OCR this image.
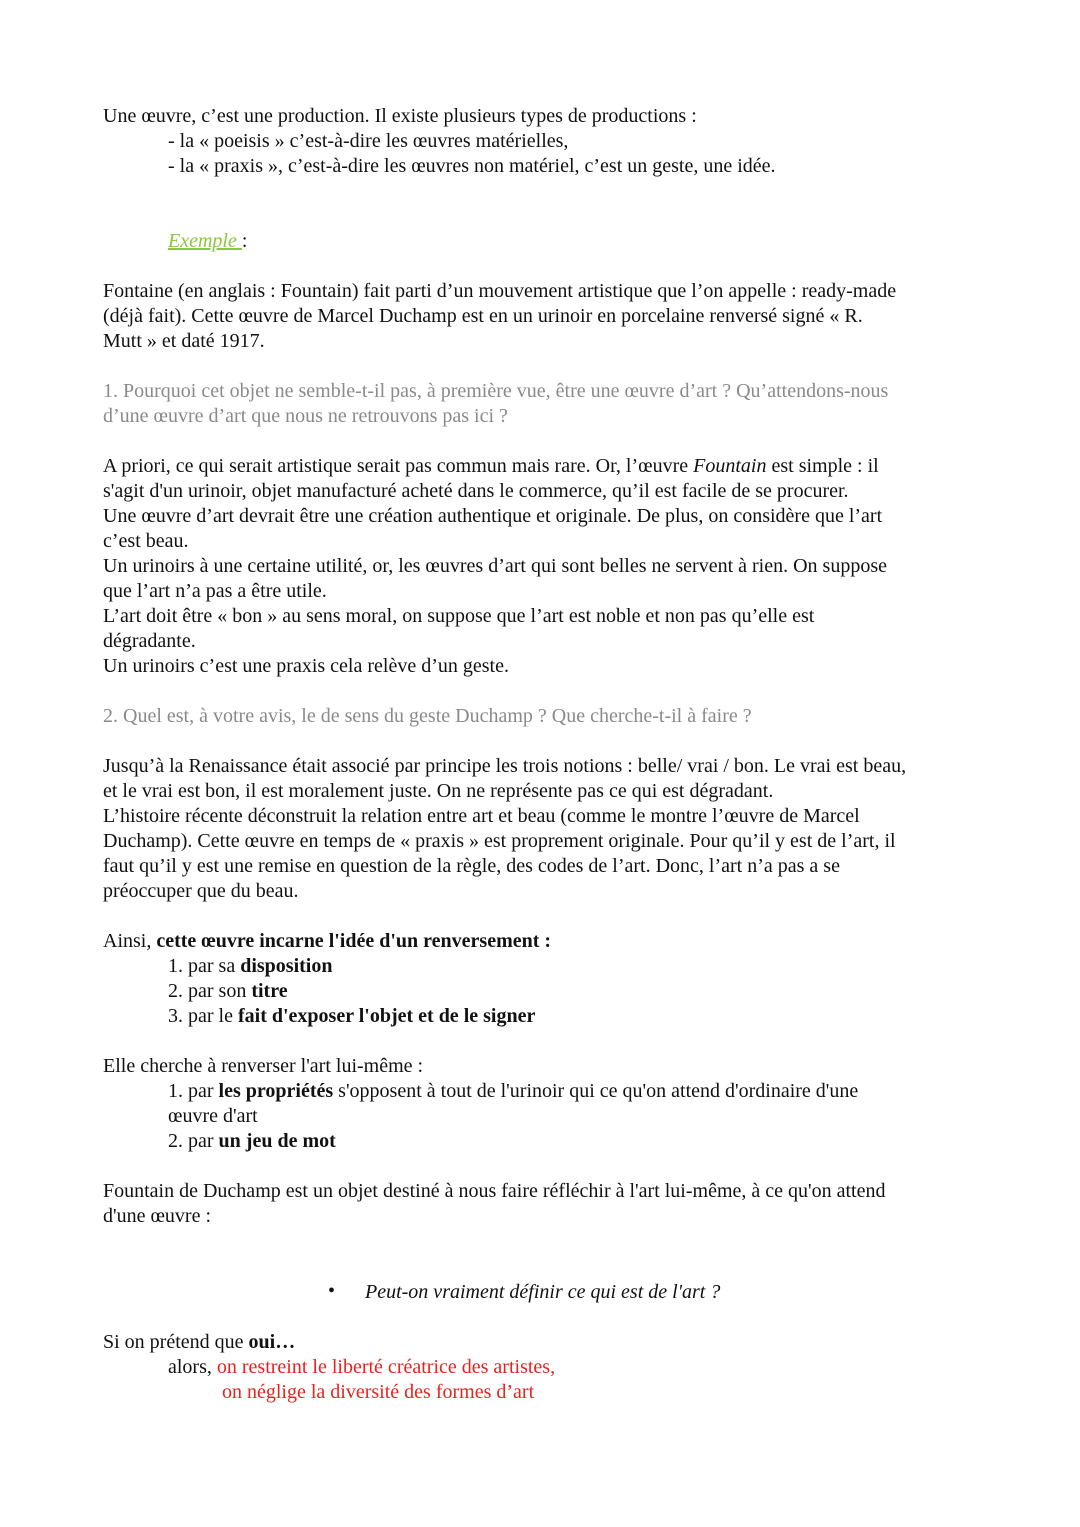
Une œuvre, c’est une production. Il existe plusieurs types de productions :
- la « poeisis » c’est-à-dire les œuvres matérielles,
- la « praxis », c’est-à-dire les œuvres non matériel, c’est un geste, une idée.
Exemple :
Fontaine (en anglais : Fountain) fait parti d’un mouvement artistique que l’on appelle : ready-made
(déjà fait). Cette œuvre de Marcel Duchamp est en un urinoir en porcelaine renversé signé « R.
Mutt » et daté 1917.
1. Pourquoi cet objet ne semble-t-il pas, à première vue, être une œuvre d’art ? Qu’attendons-nous
d’une œuvre d’art que nous ne retrouvons pas ici ?
A priori, ce qui serait artistique serait pas commun mais rare. Or, l’œuvre Fountain est simple : il
s'agit d'un urinoir, objet manufacturé acheté dans le commerce, qu’il est facile de se procurer.
Une œuvre d’art devrait être une création authentique et originale. De plus, on considère que l’art
c’est beau.
Un urinoirs à une certaine utilité, or, les œuvres d’art qui sont belles ne servent à rien. On suppose
que l’art n’a pas a être utile.
L’art doit être « bon » au sens moral, on suppose que l’art est noble et non pas qu’elle est
dégradante.
Un urinoirs c’est une praxis cela relève d’un geste.
2. Quel est, à votre avis, le de sens du geste Duchamp ? Que cherche-t-il à faire ?
Jusqu’à la Renaissance était associé par principe les trois notions : belle/ vrai / bon. Le vrai est beau,
et le vrai est bon, il est moralement juste. On ne représente pas ce qui est dégradant.
L’histoire récente déconstruit la relation entre art et beau (comme le montre l’œuvre de Marcel
Duchamp). Cette œuvre en temps de « praxis » est proprement originale. Pour qu’il y est de l’art, il
faut qu’il y est une remise en question de la règle, des codes de l’art. Donc, l’art n’a pas a se
préoccuper que du beau.
Ainsi, cette œuvre incarne l'idée d'un renversement :
1. par sa disposition
2. par son titre
3. par le fait d'exposer l'objet et de le signer
Elle cherche à renverser l'art lui-même :
1. par les propriétés s'opposent à tout de l'urinoir qui ce qu'on attend d'ordinaire d'une
œuvre d'art
2. par un jeu de mot
Fountain de Duchamp est un objet destiné à nous faire réfléchir à l'art lui-même, à ce qu'on attend
d'une œuvre :
Peut-on vraiment définir ce qui est de l'art ?
Si on prétend que oui…
alors, on restreint le liberté créatrice des artistes,
on néglige la diversité des formes d’art
•
